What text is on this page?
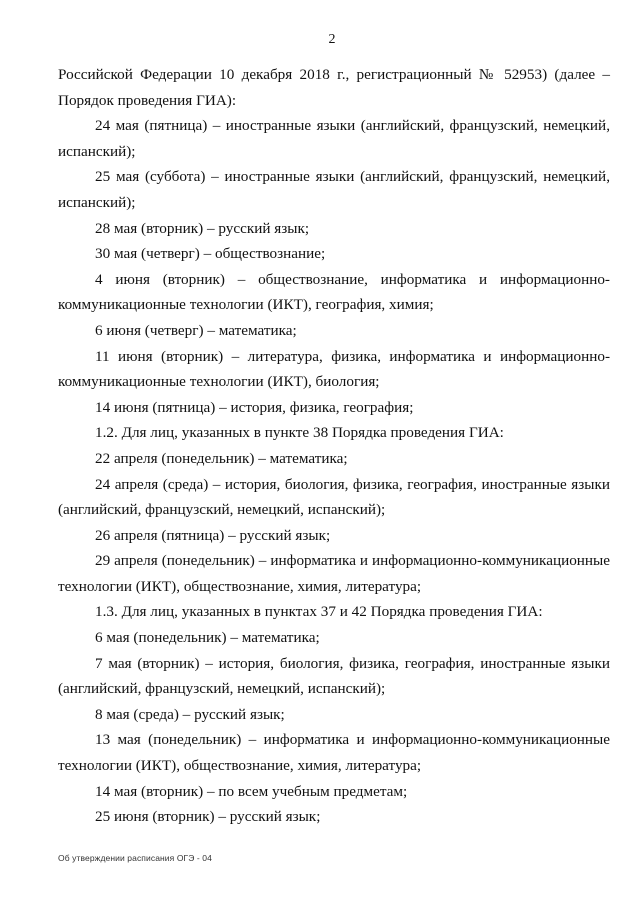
2

Российской Федерации 10 декабря 2018 г., регистрационный № 52953) (далее – Порядок проведения ГИА):

24 мая (пятница) – иностранные языки (английский, французский, немецкий, испанский);

25 мая (суббота) – иностранные языки (английский, французский, немецкий, испанский);

28 мая (вторник) – русский язык;

30 мая (четверг) – обществознание;

4 июня (вторник) – обществознание, информатика и информационно-коммуникационные технологии (ИКТ), география, химия;

6 июня (четверг) – математика;

11 июня (вторник) – литература, физика, информатика и информационно-коммуникационные технологии (ИКТ), биология;

14 июня (пятница) – история, физика, география;

1.2. Для лиц, указанных в пункте 38 Порядка проведения ГИА:

22 апреля (понедельник) – математика;

24 апреля (среда) – история, биология, физика, география, иностранные языки (английский, французский, немецкий, испанский);

26 апреля (пятница) – русский язык;

29 апреля (понедельник) – информатика и информационно-коммуникационные технологии (ИКТ), обществознание, химия, литература;

1.3. Для лиц, указанных в пунктах 37 и 42 Порядка проведения ГИА:

6 мая (понедельник) – математика;

7 мая (вторник) – история, биология, физика, география, иностранные языки (английский, французский, немецкий, испанский);

8 мая (среда) – русский язык;

13 мая (понедельник) – информатика и информационно-коммуникационные технологии (ИКТ), обществознание, химия, литература;

14 мая (вторник) – по всем учебным предметам;

25 июня (вторник) – русский язык;

Об утверждении расписания ОГЭ - 04
